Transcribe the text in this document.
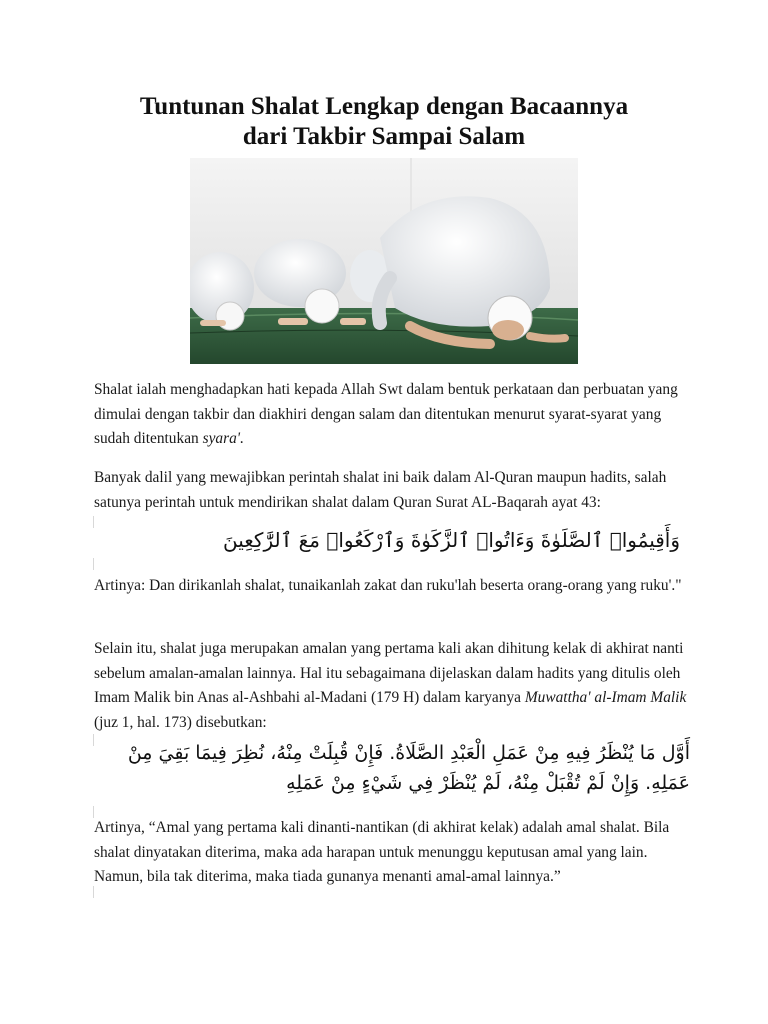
Tuntunan Shalat Lengkap dengan Bacaannya
dari Takbir Sampai Salam

Shalat ialah menghadapkan hati kepada Allah Swt dalam bentuk perkataan dan perbuatan yang dimulai dengan takbir dan diakhiri dengan salam dan ditentukan menurut syarat-syarat yang sudah ditentukan syara'.

Banyak dalil yang mewajibkan perintah shalat ini baik dalam Al-Quran maupun hadits, salah satunya perintah untuk mendirikan shalat dalam Quran Surat AL-Baqarah ayat 43:

وَأَقِيمُوا۟ ٱلصَّلَوٰةَ وَءَاتُوا۟ ٱلزَّكَوٰةَ وَٱرْكَعُوا۟ مَعَ ٱلرَّٰكِعِينَ

Artinya: Dan dirikanlah shalat, tunaikanlah zakat dan ruku'lah beserta orang-orang yang ruku'."

Selain itu, shalat juga merupakan amalan yang pertama kali akan dihitung kelak di akhirat nanti sebelum amalan-amalan lainnya. Hal itu sebagaimana dijelaskan dalam hadits yang ditulis oleh Imam Malik bin Anas al-Ashbahi al-Madani (179 H) dalam karyanya Muwattha' al-Imam Malik (juz 1, hal. 173) disebutkan:

أَوَّل مَا يُنْظَرُ فِيهِ مِنْ عَمَلِ الْعَبْدِ الصَّلَاةُ. فَإِنْ قُبِلَتْ مِنْهُ، نُظِرَ فِيمَا بَقِيَ مِنْ عَمَلِهِ. وَإِنْ لَمْ تُقْبَلْ مِنْهُ، لَمْ يُنْظَرْ فِي شَيْءٍ مِنْ عَمَلِهِ

Artinya, “Amal yang pertama kali dinanti-nantikan (di akhirat kelak) adalah amal shalat. Bila shalat dinyatakan diterima, maka ada harapan untuk menunggu keputusan amal yang lain. Namun, bila tak diterima, maka tiada gunanya menanti amal-amal lainnya.”
